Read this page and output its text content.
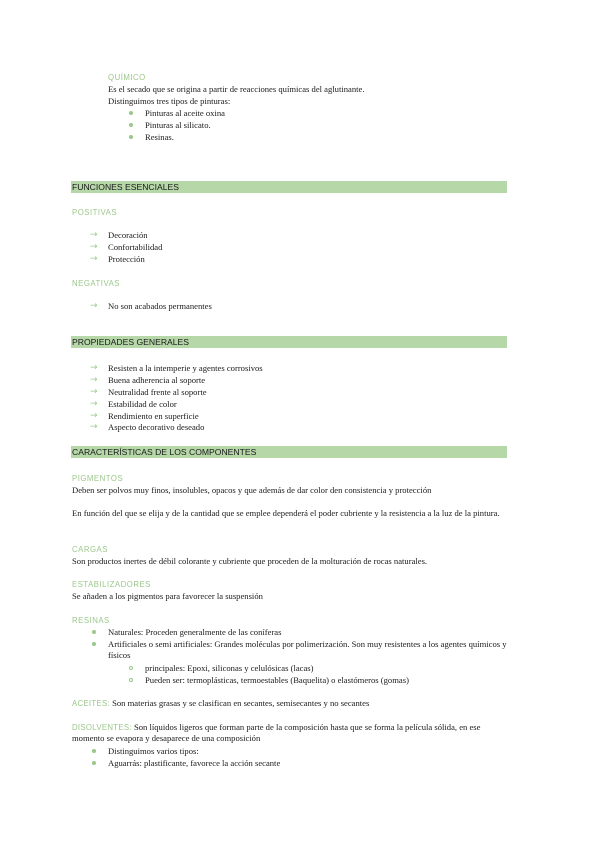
QUÍMICO
Es el secado que se origina a partir de reacciones químicas del aglutinante.
Distinguimos tres tipos de pinturas:
Pinturas al aceite oxina
Pinturas al silicato.
Resinas.
FUNCIONES ESENCIALES
POSITIVAS
→ Decoración
→ Confortabilidad
→ Protección
NEGATIVAS
→ No son acabados permanentes
PROPIEDADES GENERALES
→ Resisten a la intemperie y agentes corrosivos
→ Buena adherencia al soporte
→ Neutralidad frente al soporte
→ Estabilidad de color
→ Rendimiento en superficie
→ Aspecto decorativo deseado
CARACTERÍSTICAS DE LOS COMPONENTES
PIGMENTOS
Deben ser polvos muy finos, insolubles, opacos y que además de dar color den consistencia y protección
En función del que se elija y de la cantidad que se emplee dependerá el poder cubriente y la resistencia a la luz de la pintura.
CARGAS
Son productos inertes de débil colorante y cubriente que proceden de la molturación de rocas naturales.
ESTABILIZADORES
Se añaden a los pigmentos para favorecer la suspensión
RESINAS
Naturales: Proceden generalmente de las coníferas
Artificiales o semi artificiales: Grandes moléculas por polimerización. Son muy resistentes a los agentes químicos y físicos
principales: Epoxi, siliconas y celulósicas (lacas)
Pueden ser: termoplásticas, termoestables (Baquelita) o elastómeros (gomas)
ACEITES: Son materias grasas y se clasifican en secantes, semisecantes y no secantes
DISOLVENTES: Son líquidos ligeros que forman parte de la composición hasta que se forma la película sólida, en ese momento se evapora y desaparece de una composición
Distinguimos varios tipos:
Aguarrás: plastificante, favorece la acción secante
